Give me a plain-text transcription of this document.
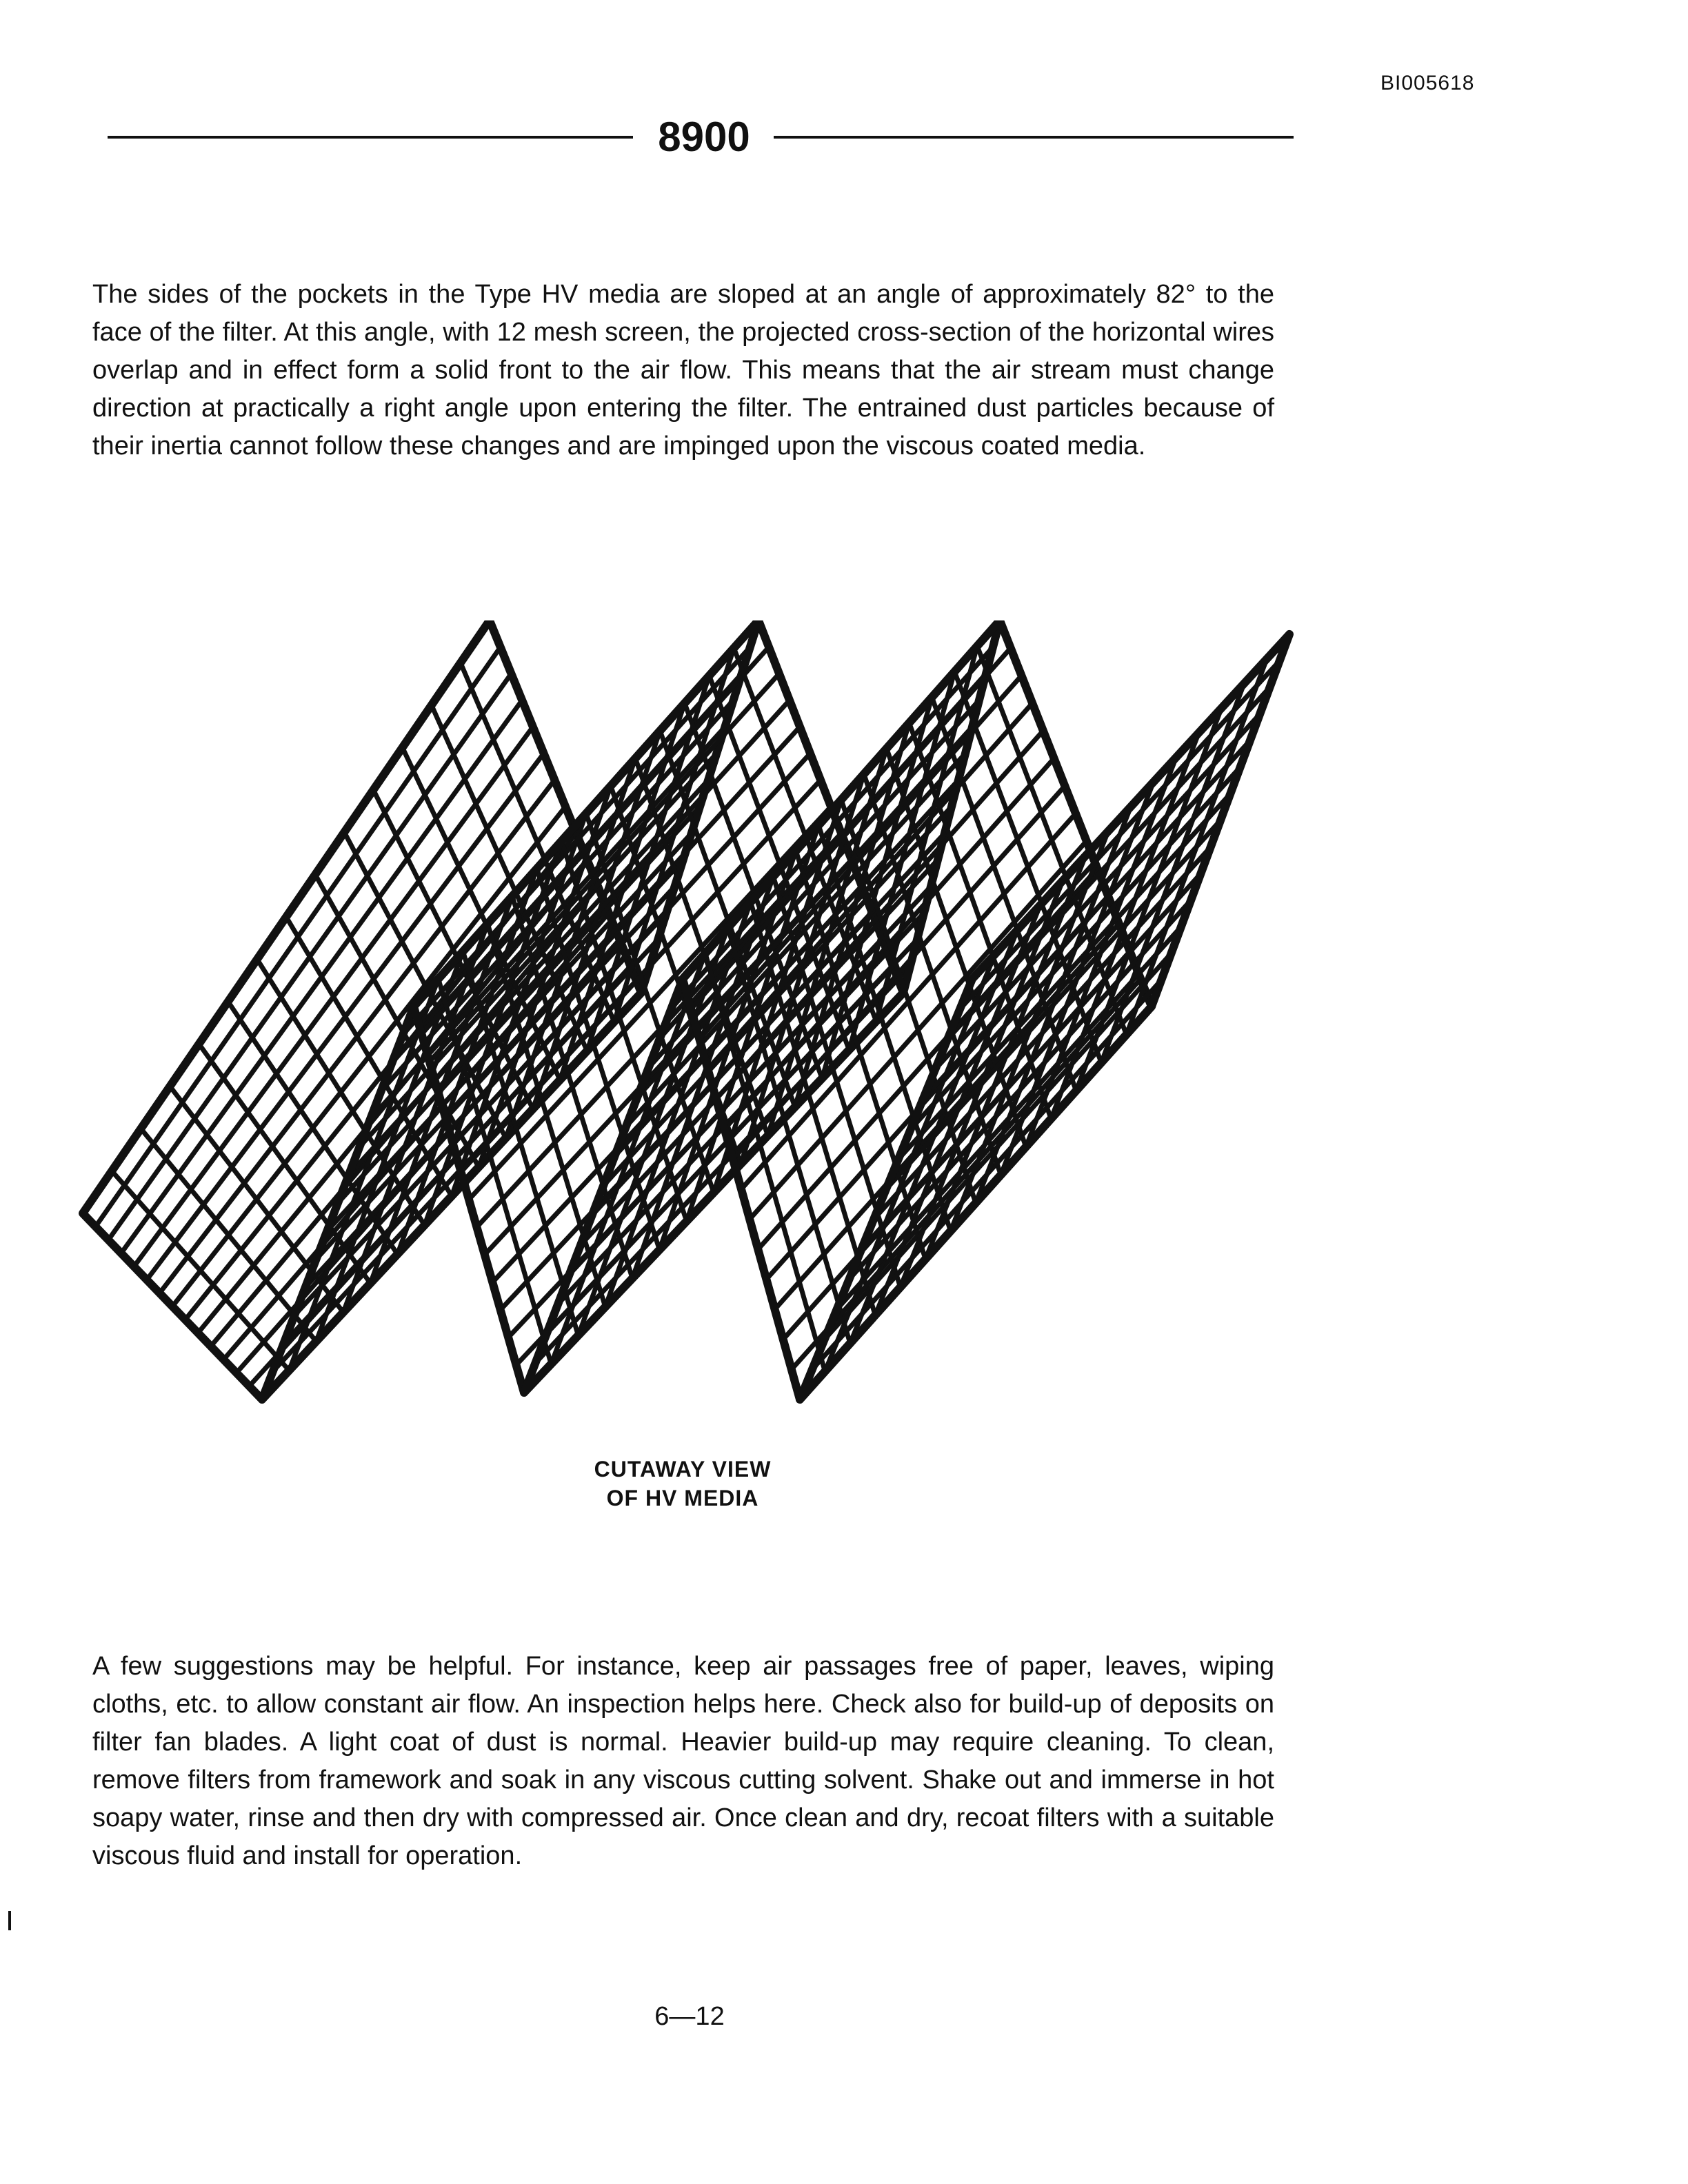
BI005618
8900

The sides of the pockets in the Type HV media are sloped at an angle of approximately 82° to the face of the filter. At this angle, with 12 mesh screen, the projected cross-section of the horizontal wires overlap and in effect form a solid front to the air flow. This means that the air stream must change direction at practically a right angle upon entering the filter. The entrained dust particles because of their inertia cannot follow these changes and are impinged upon the viscous coated media.

CUTAWAY VIEW
OF HV MEDIA

A few suggestions may be helpful. For instance, keep air passages free of paper, leaves, wiping cloths, etc. to allow constant air flow. An inspection helps here. Check also for build-up of deposits on filter fan blades. A light coat of dust is normal. Heavier build-up may require cleaning. To clean, remove filters from framework and soak in any viscous cutting solvent. Shake out and immerse in hot soapy water, rinse and then dry with compressed air. Once clean and dry, recoat filters with a suitable viscous fluid and install for operation.

6—12
